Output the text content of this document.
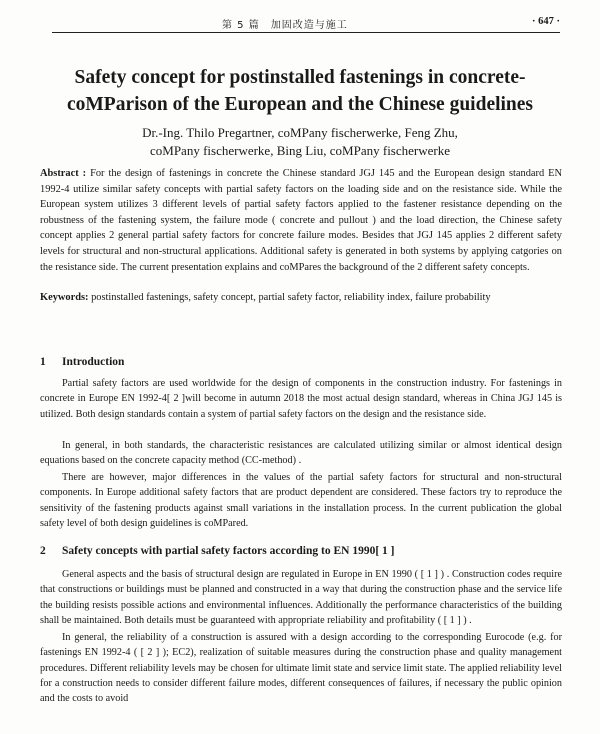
第 5 篇　加固改造与施工	· 647 ·
Safety concept for postinstalled fastenings in concrete-coMParison of the European and the Chinese guidelines
Dr.-Ing. Thilo Pregartner, coMPany fischerwerke, Feng Zhu,
coMPany fischerwerke, Bing Liu, coMPany fischerwerke

Abstract : For the design of fastenings in concrete the Chinese standard JGJ 145 and the European design standard EN 1992-4 utilize similar safety concepts with partial safety factors on the loading side and on the resistance side. While the European system utilizes 3 different levels of partial safety factors applied to the fastener resistance depending on the robustness of the fastening system, the failure mode ( concrete and pullout ) and the load direction, the Chinese safety concept applies 2 general partial safety factors for concrete failure modes. Besides that JGJ 145 applies 2 different safety levels for structural and non-structural applications. Additional safety is generated in both systems by applying catgories on the resistance side. The current presentation explains and coMPares the background of the 2 different safety concepts.

Keywords: postinstalled fastenings, safety concept, partial safety factor, reliability index, failure probability

1 Introduction

Partial safety factors are used worldwide for the design of components in the construction industry. For fastenings in concrete in Europe EN 1992-4[ 2 ]will become in autumn 2018 the most actual design standard, whereas in China JGJ 145 is utilized. Both design standards contain a system of partial safety factors on the design and the resistance side.

In general, in both standards, the characteristic resistances are calculated utilizing similar or almost identical design equations based on the concrete capacity method (CC-method) .

There are however, major differences in the values of the partial safety factors for structural and non-structural components. In Europe additional safety factors that are product dependent are considered. These factors try to reproduce the sensitivity of the fastening products against small variations in the installation process. In the current publication the global safety level of both design guidelines is coMPared.

2 Safety concepts with partial safety factors according to EN 1990[ 1 ]

General aspects and the basis of structural design are regulated in Europe in EN 1990 ( [ 1 ] ) . Construction codes require that constructions or buildings must be planned and constructed in a way that during the construction phase and the service life the building resists possible actions and environmental influences. Additionally the performance characteristics of the building shall be maintained. Both details must be guaranteed with appropriate reliability and profitability ( [ 1 ] ) .

In general, the reliability of a construction is assured with a design according to the corresponding Eurocode (e.g. for fastenings EN 1992-4 ( [ 2 ] ); EC2), realization of suitable measures during the construction phase and quality management procedures. Different reliability levels may be chosen for ultimate limit state and service limit state. The applied reliability level for a construction needs to consider different failure modes, different consequences of failures, if necessary the public opinion and the costs to avoid
